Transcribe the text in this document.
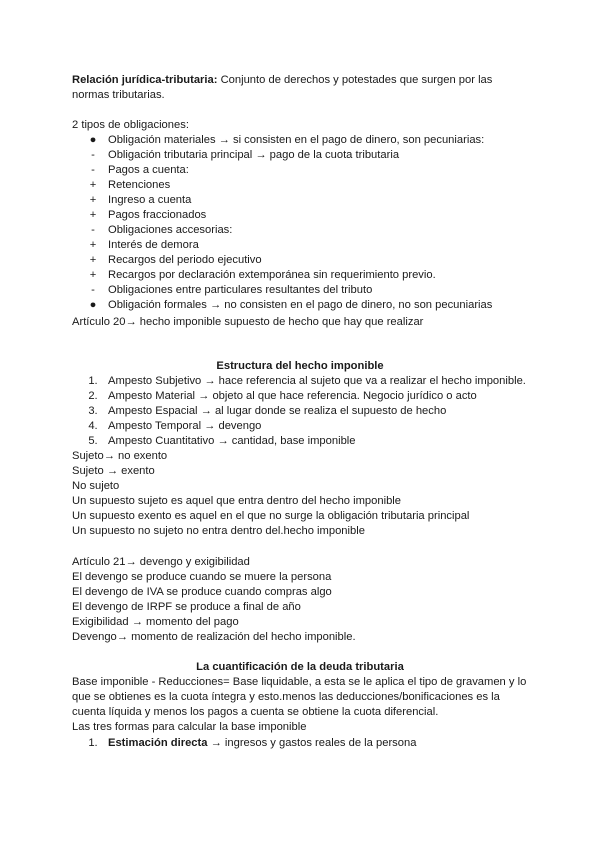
Relación jurídica-tributaria: Conjunto de derechos y potestades que surgen por las
normas tributarias.
2 tipos de obligaciones:
●	Obligación materiales → si consisten en el pago de dinero, son pecuniarias:
-	Obligación tributaria principal → pago de la cuota tributaria
-	Pagos a cuenta:
+	Retenciones
+	Ingreso a cuenta
+	Pagos fraccionados
-	Obligaciones accesorias:
+	Interés de demora
+	Recargos del periodo ejecutivo
+	Recargos por declaración extemporánea sin requerimiento previo.
-	Obligaciones entre particulares resultantes del tributo
●	Obligación formales → no consisten en el pago de dinero, no son pecuniarias
Artículo 20→ hecho imponible supuesto de hecho que hay que realizar
Estructura del hecho imponible
1. Ampesto Subjetivo → hace referencia al sujeto que va a realizar el hecho imponible.
2. Ampesto Material → objeto al que hace referencia. Negocio jurídico o acto
3. Ampesto Espacial → al lugar donde se realiza el supuesto de hecho
4. Ampesto Temporal → devengo
5. Ampesto Cuantitativo → cantidad, base imponible
Sujeto→ no exento
Sujeto → exento
No sujeto
Un supuesto sujeto es aquel que entra dentro del hecho imponible
Un supuesto exento es aquel en el que no surge la obligación tributaria principal
Un supuesto no sujeto no entra dentro del.hecho imponible
Artículo 21→ devengo y exigibilidad
El devengo se produce cuando se muere la persona
El devengo de IVA se produce cuando compras algo
El devengo de IRPF se produce a final de año
Exigibilidad → momento del pago
Devengo→ momento de realización del hecho imponible.
La cuantificación de la deuda tributaria
Base imponible - Reducciones= Base liquidable, a esta se le aplica el tipo de gravamen y lo
que se obtienes es la cuota íntegra y esto.menos las deducciones/bonificaciones es la
cuenta líquida y menos los pagos a cuenta se obtiene la cuota diferencial.
Las tres formas para calcular la base imponible
1. Estimación directa → ingresos y gastos reales de la persona
